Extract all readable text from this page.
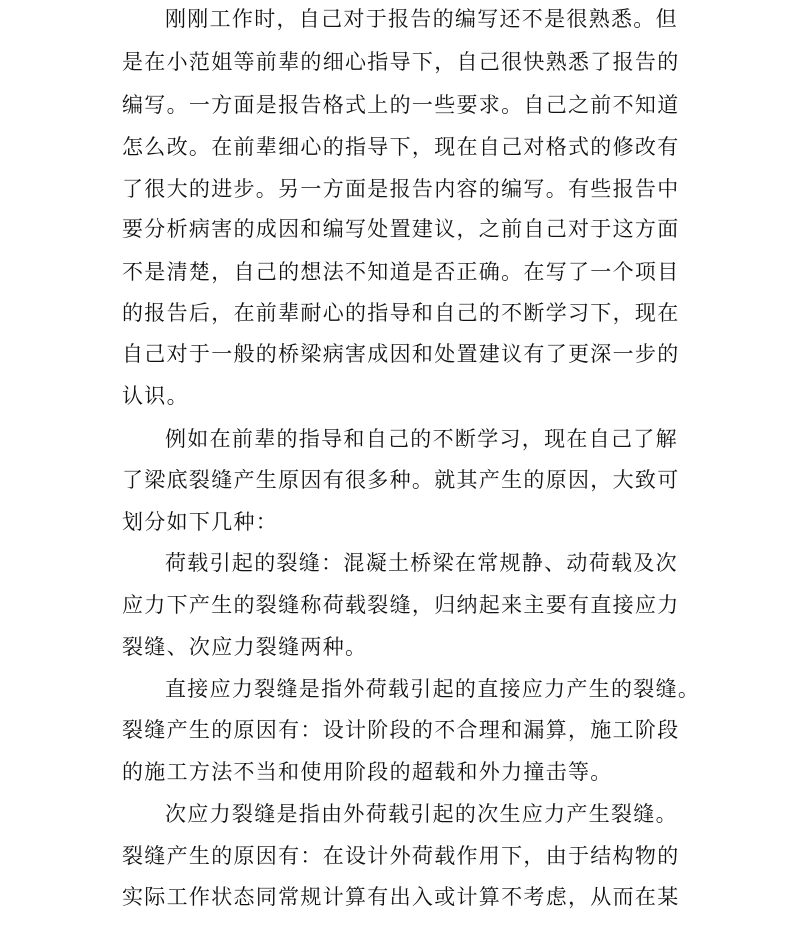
刚刚工作时，自己对于报告的编写还不是很熟悉。但

是在小范姐等前辈的细心指导下，自己很快熟悉了报告的

编写。一方面是报告格式上的一些要求。自己之前不知道

怎么改。在前辈细心的指导下，现在自己对格式的修改有

了很大的进步。另一方面是报告内容的编写。有些报告中

要分析病害的成因和编写处置建议，之前自己对于这方面

不是清楚，自己的想法不知道是否正确。在写了一个项目

的报告后，在前辈耐心的指导和自己的不断学习下，现在

自己对于一般的桥梁病害成因和处置建议有了更深一步的

认识。

例如在前辈的指导和自己的不断学习，现在自己了解

了梁底裂缝产生原因有很多种。就其产生的原因，大致可

划分如下几种：

荷载引起的裂缝：混凝土桥梁在常规静、动荷载及次

应力下产生的裂缝称荷载裂缝，归纳起来主要有直接应力

裂缝、次应力裂缝两种。

直接应力裂缝是指外荷载引起的直接应力产生的裂缝。

裂缝产生的原因有：设计阶段的不合理和漏算，施工阶段

的施工方法不当和使用阶段的超载和外力撞击等。

次应力裂缝是指由外荷载引起的次生应力产生裂缝。

裂缝产生的原因有：在设计外荷载作用下，由于结构物的

实际工作状态同常规计算有出入或计算不考虑，从而在某
